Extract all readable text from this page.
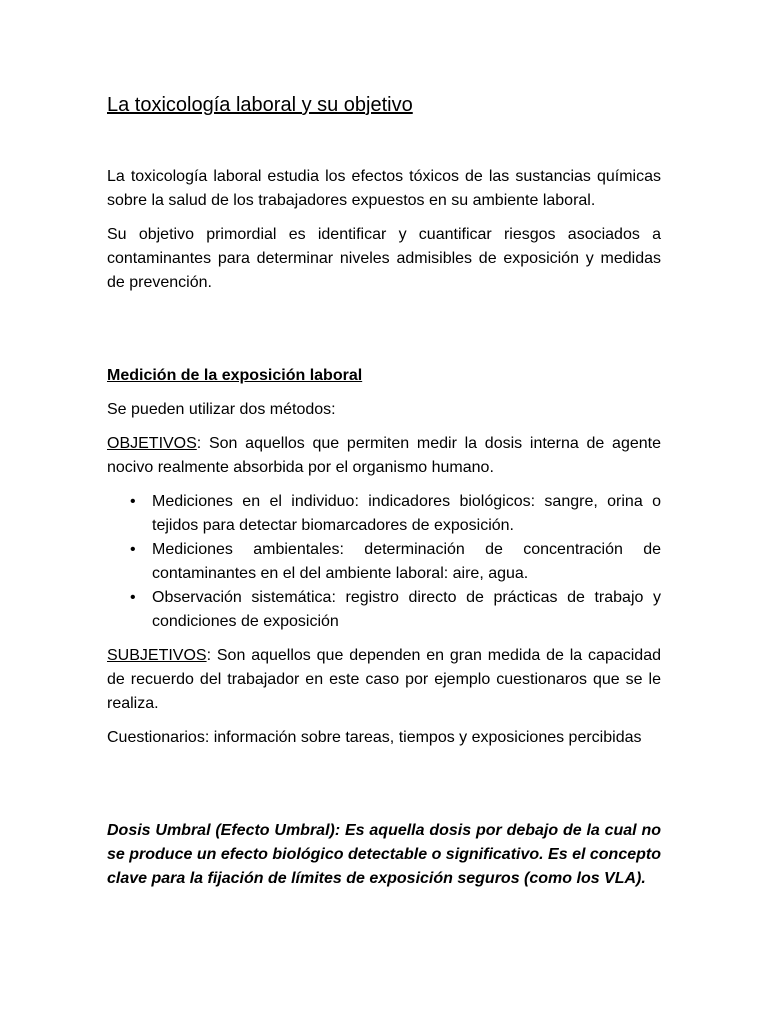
La toxicología laboral y su objetivo

La toxicología laboral estudia los efectos tóxicos de las sustancias químicas sobre la salud de los trabajadores expuestos en su ambiente laboral.

Su objetivo primordial es identificar y cuantificar riesgos asociados a contaminantes para determinar niveles admisibles de exposición y medidas de prevención.

Medición de la exposición laboral

Se pueden utilizar dos métodos:

OBJETIVOS: Son aquellos que permiten medir la dosis interna de agente nocivo realmente absorbida por el organismo humano.

• Mediciones en el individuo: indicadores biológicos: sangre, orina o tejidos para detectar biomarcadores de exposición.
• Mediciones ambientales: determinación de concentración de contaminantes en el del ambiente laboral: aire, agua.
• Observación sistemática: registro directo de prácticas de trabajo y condiciones de exposición

SUBJETIVOS: Son aquellos que dependen en gran medida de la capacidad de recuerdo del trabajador en este caso por ejemplo cuestionaros que se le realiza.

Cuestionarios: información sobre tareas, tiempos y exposiciones percibidas

Dosis Umbral (Efecto Umbral): Es aquella dosis por debajo de la cual no se produce un efecto biológico detectable o significativo. Es el concepto clave para la fijación de límites de exposición seguros (como los VLA).
